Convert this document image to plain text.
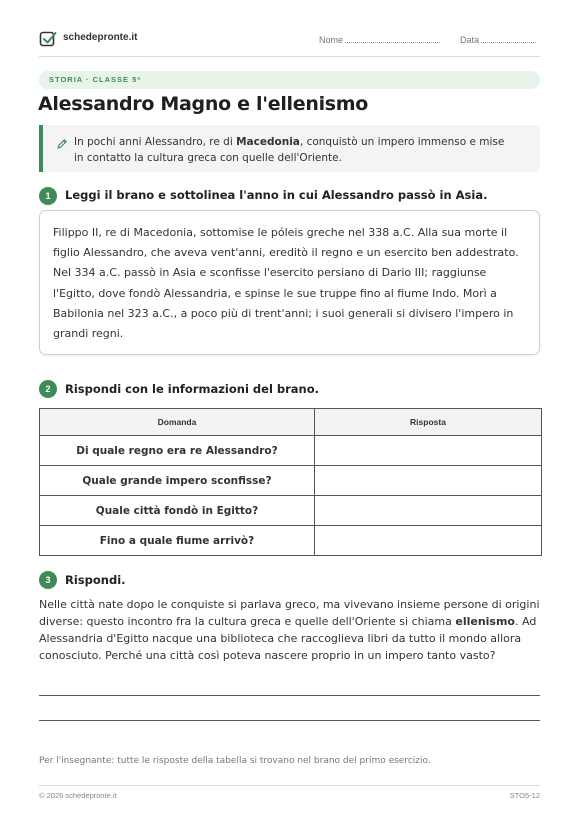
schedepronte.it	Nome	Data
STORIA · CLASSE 5ª
Alessandro Magno e l'ellenismo
In pochi anni Alessandro, re di Macedonia, conquistò un impero immenso e mise in contatto la cultura greca con quelle dell'Oriente.
1	Leggi il brano e sottolinea l'anno in cui Alessandro passò in Asia.
Filippo II, re di Macedonia, sottomise le póleis greche nel 338 a.C. Alla sua morte il figlio Alessandro, che aveva vent'anni, ereditò il regno e un esercito ben addestrato. Nel 334 a.C. passò in Asia e sconfisse l'esercito persiano di Dario III; raggiunse l'Egitto, dove fondò Alessandria, e spinse le sue truppe fino al fiume Indo. Morì a Babilonia nel 323 a.C., a poco più di trent'anni; i suoi generali si divisero l'impero in grandi regni.
2	Rispondi con le informazioni del brano.
Domanda	Risposta
Di quale regno era re Alessandro?	
Quale grande impero sconfisse?	
Quale città fondò in Egitto?	
Fino a quale fiume arrivò?	
3	Rispondi.
Nelle città nate dopo le conquiste si parlava greco, ma vivevano insieme persone di origini diverse: questo incontro fra la cultura greca e quelle dell'Oriente si chiama ellenismo. Ad Alessandria d'Egitto nacque una biblioteca che raccoglieva libri da tutto il mondo allora conosciuto. Perché una città così poteva nascere proprio in un impero tanto vasto?
Per l'insegnante: tutte le risposte della tabella si trovano nel brano del primo esercizio.
© 2026 schedepronte.it	STO5-12
